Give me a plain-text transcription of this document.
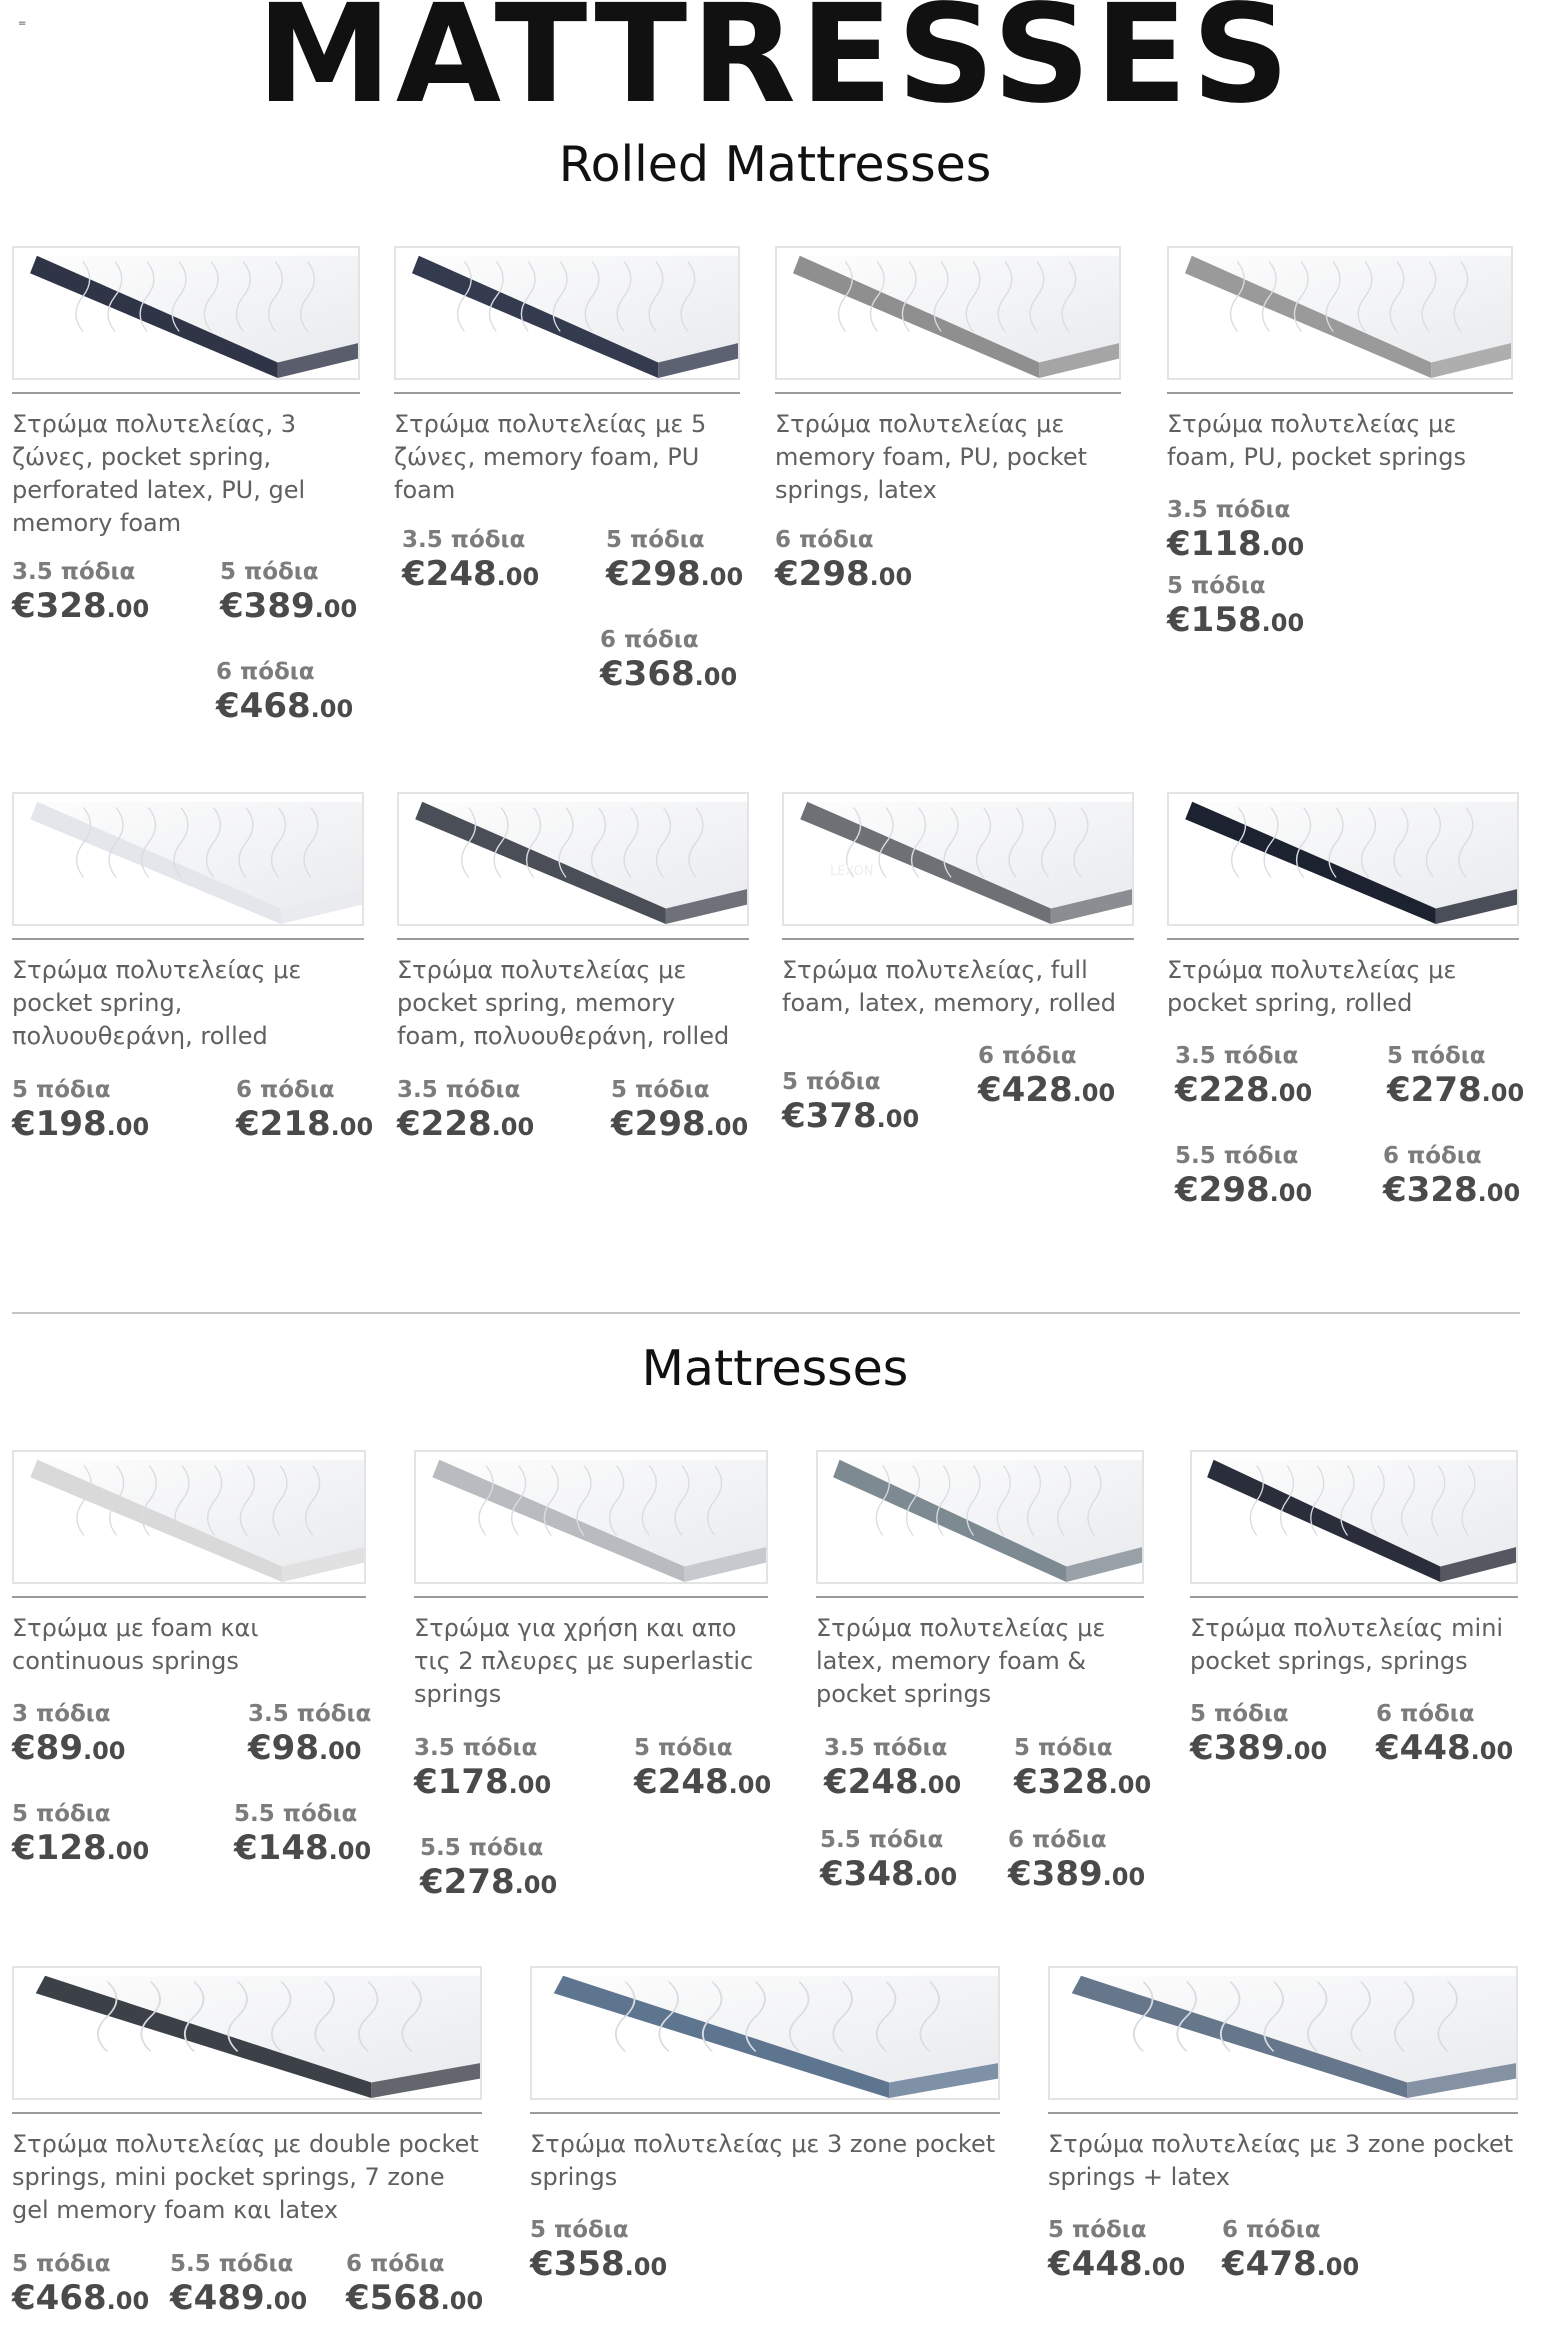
=	MATTRESSES
Rolled Mattresses
Mattresses
Στρώμα πολυτελείας, 3 ζώνες, pocket spring, perforated latex, PU, gel memory foam
3.5 πόδια
€328.00
5 πόδια
€389.00
6 πόδια
€468.00
Στρώμα πολυτελείας με 5 ζώνες, memory foam, PU foam
3.5 πόδια
€248.00
5 πόδια
€298.00
6 πόδια
€368.00
Στρώμα πολυτελείας με memory foam, PU, pocket springs, latex
6 πόδια
€298.00
Στρώμα πολυτελείας με foam, PU, pocket springs
3.5 πόδια
€118.00
5 πόδια
€158.00
Στρώμα πολυτελείας με pocket spring, πολυουθεράνη, rolled
5 πόδια
€198.00
6 πόδια
€218.00
Στρώμα πολυτελείας με pocket spring, memory foam, πολυουθεράνη, rolled
3.5 πόδια
€228.00
5 πόδια
€298.00
LEXON
Στρώμα πολυτελείας, full foam, latex, memory, rolled
5 πόδια
€378.00
6 πόδια
€428.00
Στρώμα πολυτελείας με pocket spring, rolled
3.5 πόδια
€228.00
5 πόδια
€278.00
5.5 πόδια
€298.00
6 πόδια
€328.00
Στρώμα με foam και continuous springs
3 πόδια
€89.00
3.5 πόδια
€98.00
5 πόδια
€128.00
5.5 πόδια
€148.00
Στρώμα για χρήση και απο τις 2 πλευρες με superlastic springs
3.5 πόδια
€178.00
5 πόδια
€248.00
5.5 πόδια
€278.00
Στρώμα πολυτελείας με latex, memory foam & pocket springs
3.5 πόδια
€248.00
5 πόδια
€328.00
5.5 πόδια
€348.00
6 πόδια
€389.00
Στρώμα πολυτελείας mini pocket springs, springs
5 πόδια
€389.00
6 πόδια
€448.00
Στρώμα πολυτελείας με double pocket springs, mini pocket springs, 7 zone gel memory foam και latex
5 πόδια
€468.00
5.5 πόδια
€489.00
6 πόδια
€568.00
Στρώμα πολυτελείας με 3 zone pocket springs
5 πόδια
€358.00
Στρώμα πολυτελείας με 3 zone pocket springs + latex
5 πόδια
€448.00
6 πόδια
€478.00
